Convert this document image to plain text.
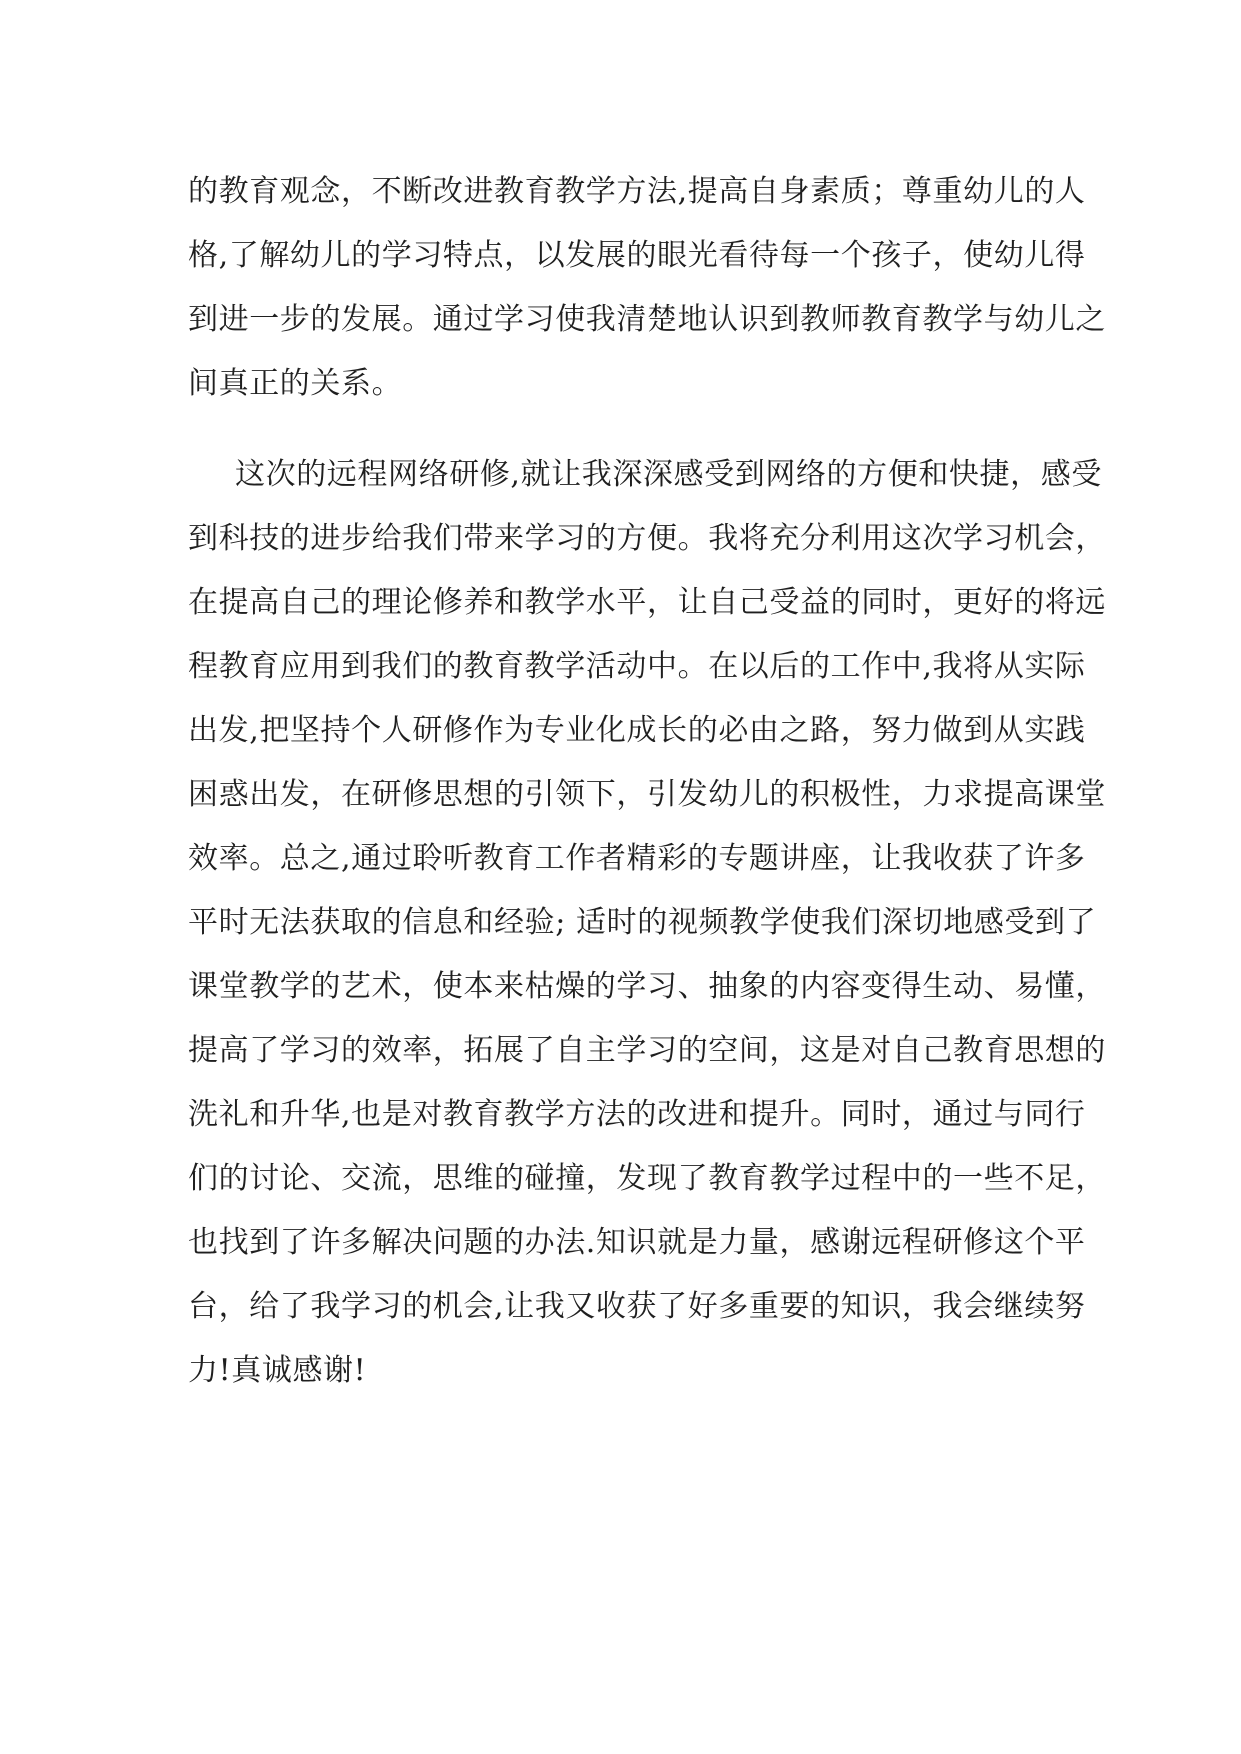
的教育观念，不断改进教育教学方法,提高自身素质；尊重幼儿的人
格,了解幼儿的学习特点，以发展的眼光看待每一个孩子，使幼儿得
到进一步的发展。通过学习使我清楚地认识到教师教育教学与幼儿之
间真正的关系。
这次的远程网络研修,就让我深深感受到网络的方便和快捷，感受
到科技的进步给我们带来学习的方便。我将充分利用这次学习机会，
在提高自己的理论修养和教学水平，让自己受益的同时，更好的将远
程教育应用到我们的教育教学活动中。在以后的工作中,我将从实际
出发,把坚持个人研修作为专业化成长的必由之路，努力做到从实践
困惑出发，在研修思想的引领下，引发幼儿的积极性，力求提高课堂
效率。总之,通过聆听教育工作者精彩的专题讲座，让我收获了许多
平时无法获取的信息和经验; 适时的视频教学使我们深切地感受到了
课堂教学的艺术，使本来枯燥的学习、抽象的内容变得生动、易懂，
提高了学习的效率，拓展了自主学习的空间，这是对自己教育思想的
洗礼和升华,也是对教育教学方法的改进和提升。同时，通过与同行
们的讨论、交流，思维的碰撞，发现了教育教学过程中的一些不足，
也找到了许多解决问题的办法.知识就是力量，感谢远程研修这个平
台，给了我学习的机会,让我又收获了好多重要的知识，我会继续努
力!真诚感谢!
